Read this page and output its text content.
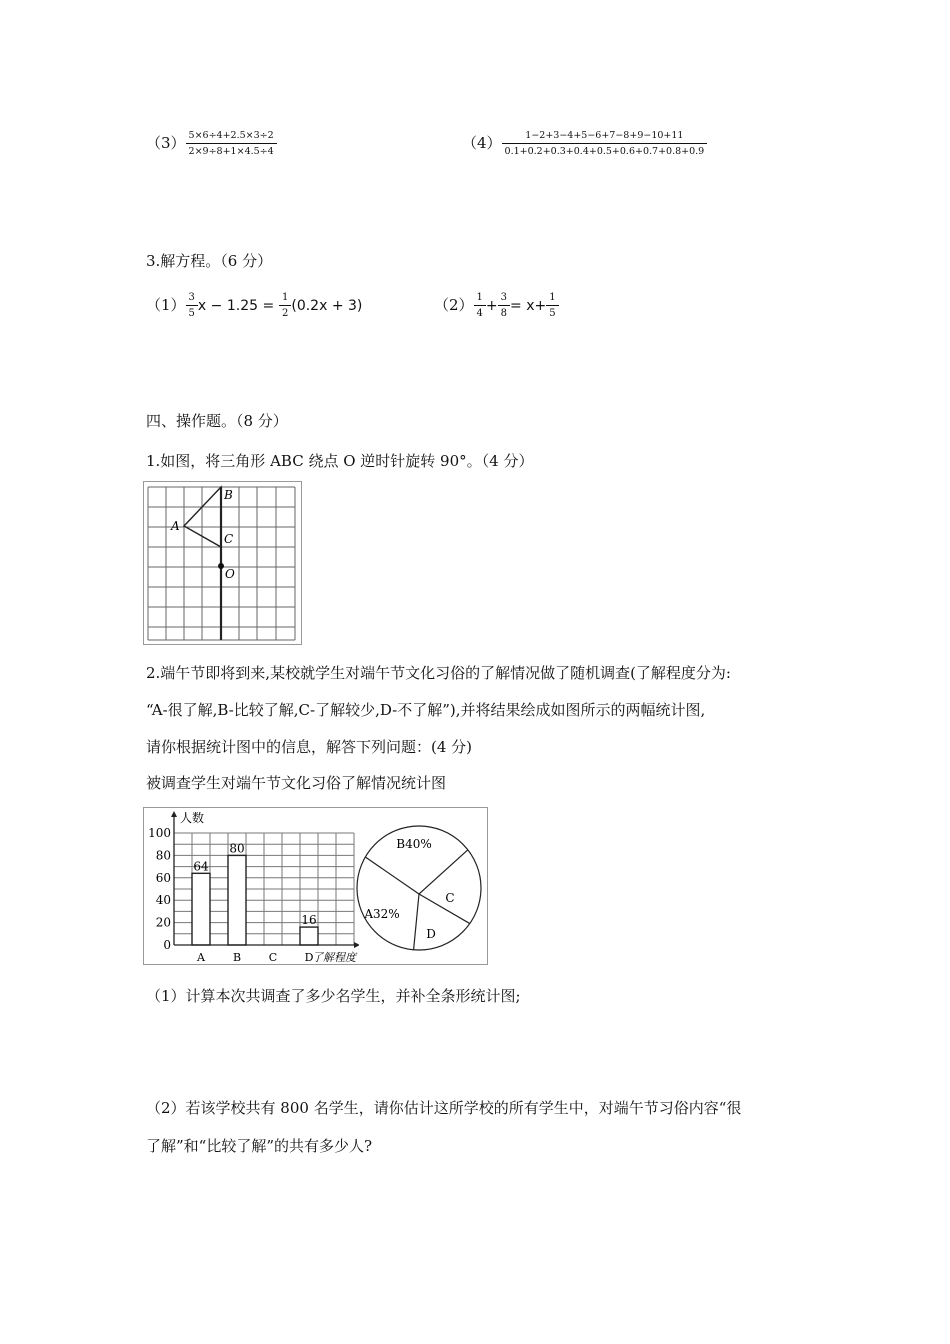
$(3) \frac{5\times 6\div 4+2.5\times 3\div 2}{2\times 9\div 8+1\times 4.5\div 4}$	$(4) \frac{1-2+3-4+5-6+7-8+9-10+11}{0.1+0.2+0.3+0.4+0.5+0.6+0.7+0.8+0.9}$
3.解方程。（6 分）
$(1) \frac{3}{5}$ $x - 1.25 = \frac{1}{2} (0.2x + 3)$	$(2) \frac{1}{4} + \frac{3}{8} = x+ \frac{1}{5}$
四、操作题。（8 分）
1.如图，将三角形 ABC 绕点 O 逆时针旋转 90°。（4 分）
A
B
C
O
2.端午节即将到来,某校就学生对端午节文化习俗的了解情况做了随机调查(了解程度分为:
“A-很了解,B-比较了解,C-了解较少,D-不了解”),并将结果绘成如图所示的两幅统计图,
请你根据统计图中的信息，解答下列问题：(4 分)
被调查学生对端午节文化习俗了解情况统计图
0
20
40
60
80
100
64
80
16
A	B	C D
人数
了解程度
B40%
C
D
A32%
（1）计算本次共调查了多少名学生，并补全条形统计图;
（2）若该学校共有 800 名学生，请你估计这所学校的所有学生中，对端午节习俗内容“很
了解”和“比较了解”的共有多少人?
